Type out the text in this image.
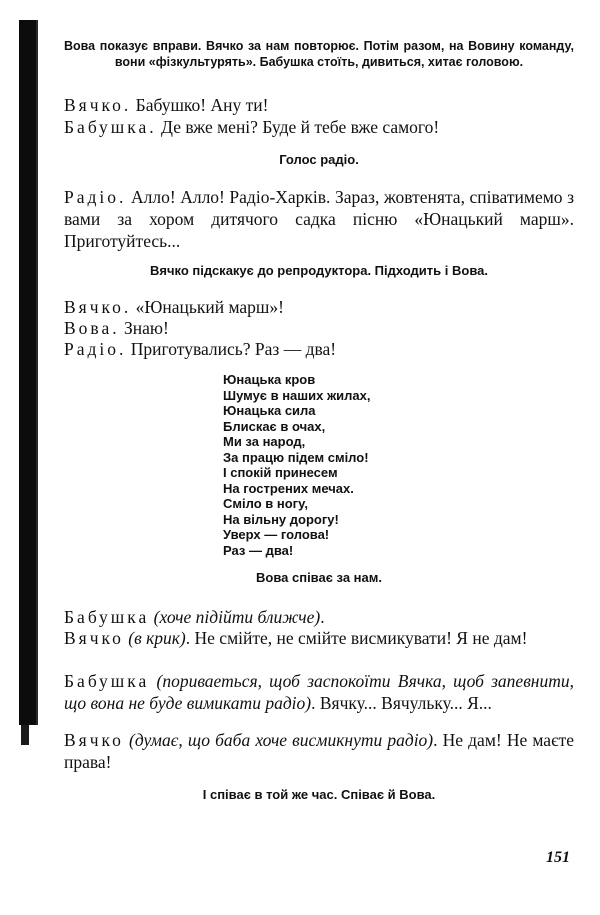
Вова показує вправи. Вячко за нам повторює. Потім разом, на Вовину команду, вони «фізкультурять». Бабушка стоїть, дивиться, хитає головою.

Вячко. Бабушко! Ану ти!

Бабушка. Де вже мені? Буде й тебе вже самого!

Голос радіо.

Радіо. Алло! Алло! Радіо-Харків. Зараз, жовтенята, співатимемо з вами за хором дитячого садка пісню «Юнацький марш». Приготуйтесь...

Вячко підскакує до репродуктора. Підходить і Вова.

Вячко. «Юнацький марш»!

Вова. Знаю!

Радіо. Приготувались? Раз — два!

Юнацька кров
Шумує в наших жилах,
Юнацька сила
Блискає в очах,
Ми за народ,
За працю підем сміло!
І спокій принесем
На гострених мечах.
Сміло в ногу,
На вільну дорогу!
Уверх — голова!
Раз — два!

Вова співає за нам.

Бабушка (хоче підійти ближче).

Вячко (в крик). Не смійте, не смійте висмикувати! Я не дам!

Бабушка (пориваеться, щоб заспокоїти Вячка, щоб запевнити, що вона не буде вимикати радіо). Вячку... Вячульку... Я...

Вячко (думає, що баба хоче висмикнути радіо). Не дам! Не маєте права!

І співає в той же час. Співає й Вова.

151
